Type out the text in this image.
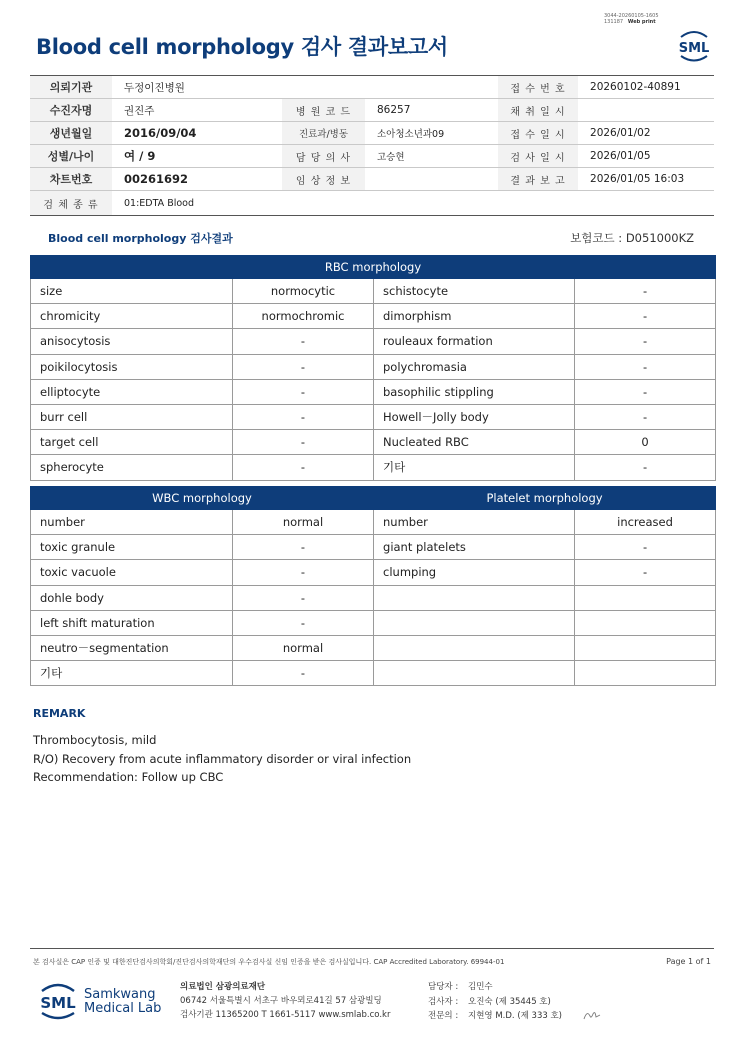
3044-20260105-1605
131187 Web print
Blood cell morphology 검사 결과보고서	SML
의뢰기관	두정이진병원			접 수 번 호	20260102-40891
수진자명	권진주	병 원 코 드	86257	채 취 일 시	
생년월일	2016/09/04	진료과/병동	소아청소년과09	접 수 일 시	2026/01/02
성별/나이	여 / 9	담 당 의 사	고승현	검 사 일 시	2026/01/05
차트번호	00261692	임 상 정 보		결 과 보 고	2026/01/05 16:03
검 체 종 류	01:EDTA Blood				
Blood cell morphology 검사결과	보험코드 : D051000KZ
RBC morphology			
size	normocytic	schistocyte	-
chromicity	normochromic	dimorphism	-
anisocytosis	-	rouleaux formation	-
poikilocytosis	-	polychromasia	-
elliptocyte	-	basophilic stippling	-
burr cell	-	Howell－Jolly body	-
target cell	-	Nucleated RBC	0
spherocyte	-	기타	-
WBC morphology		Platelet morphology	
number	normal	number	increased
toxic granule	-	giant platelets	-
toxic vacuole	-	clumping	-
dohle body	-		
left shift maturation	-		
neutro－segmentation	normal		
기타	-		
REMARK
Thrombocytosis, mild
R/O) Recovery from acute inflammatory disorder or viral infection
Recommendation: Follow up CBC
본 검사실은 CAP 인증 및 대한진단검사의학회/진단검사의학재단의 우수검사실 신임 인증을 받은 검사실입니다. CAP Accredited Laboratory. 69944-01	Page 1 of 1
SML Samkwang
Medical Lab
의료법인 삼광의료재단
06742 서울특별시 서초구 바우뫼로41길 57 삼광빌딩
검사기관 11365200 T 1661-5117 www.smlab.co.kr
담당자 : 김민수
검사자 : 오진숙 (제 35445 호)
전문의 : 지현영 M.D. (제 333 호)
